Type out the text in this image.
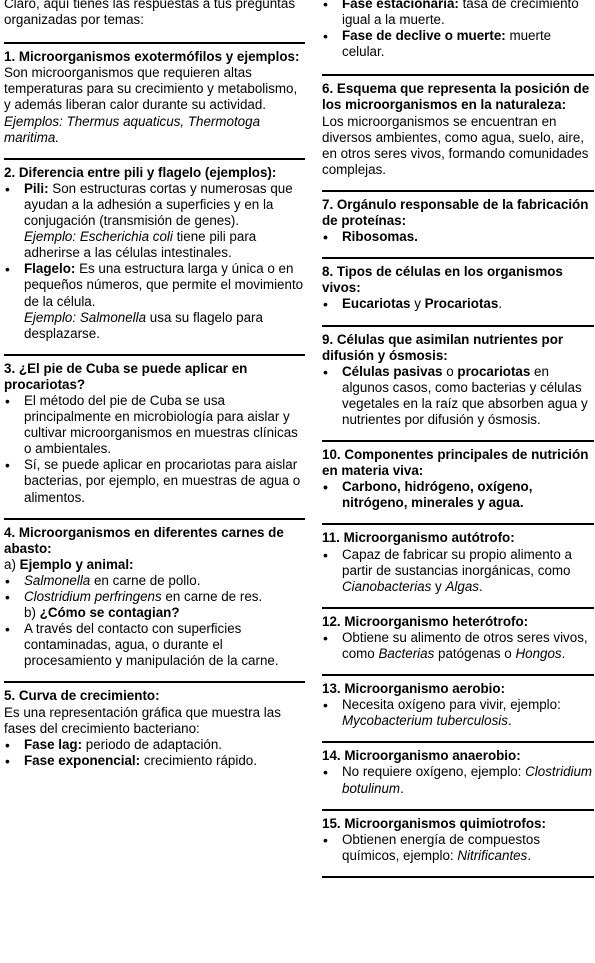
Claro, aquí tienes las respuestas a tus preguntas organizadas por temas:

1. Microorganismos exotermófilos y ejemplos:

Son microorganismos que requieren altas temperaturas para su crecimiento y metabolismo, y además liberan calor durante su actividad.

Ejemplos: Thermus aquaticus, Thermotoga maritima.

2. Diferencia entre pili y flagelo (ejemplos):
• Pili: Son estructuras cortas y numerosas que ayudan a la adhesión a superficies y en la conjugación (transmisión de genes).
Ejemplo: Escherichia coli tiene pili para adherirse a las células intestinales.
• Flagelo: Es una estructura larga y única o en pequeños números, que permite el movimiento de la célula.
Ejemplo: Salmonella usa su flagelo para desplazarse.
3. ¿El pie de Cuba se puede aplicar en procariotas?
• El método del pie de Cuba se usa principalmente en microbiología para aislar y cultivar microorganismos en muestras clínicas o ambientales.
• Sí, se puede aplicar en procariotas para aislar bacterias, por ejemplo, en muestras de agua o alimentos.
4. Microorganismos en diferentes carnes de abasto:

a) Ejemplo y animal:

• Salmonella en carne de pollo.
• Clostridium perfringens en carne de res.
b) ¿Cómo se contagian?
• A través del contacto con superficies contaminadas, agua, o durante el procesamiento y manipulación de la carne.
5. Curva de crecimiento:

Es una representación gráfica que muestra las fases del crecimiento bacteriano:

• Fase lag: periodo de adaptación.
• Fase exponencial: crecimiento rápido.
• Fase estacionaria: tasa de crecimiento igual a la muerte.
• Fase de declive o muerte: muerte celular.
6. Esquema que representa la posición de los microorganismos en la naturaleza:

Los microorganismos se encuentran en diversos ambientes, como agua, suelo, aire, en otros seres vivos, formando comunidades complejas.

7. Orgánulo responsable de la fabricación de proteínas:
• Ribosomas.
8. Tipos de células en los organismos vivos:
• Eucariotas y Procariotas.
9. Células que asimilan nutrientes por difusión y ósmosis:
• Células pasivas o procariotas en algunos casos, como bacterias y células vegetales en la raíz que absorben agua y nutrientes por difusión y ósmosis.
10. Componentes principales de nutrición en materia viva:
• Carbono, hidrógeno, oxígeno, nitrógeno, minerales y agua.
11. Microorganismo autótrofo:
• Capaz de fabricar su propio alimento a partir de sustancias inorgánicas, como Cianobacterias y Algas.
12. Microorganismo heterótrofo:
• Obtiene su alimento de otros seres vivos, como Bacterias patógenas o Hongos.
13. Microorganismo aerobio:
• Necesita oxígeno para vivir, ejemplo: Mycobacterium tuberculosis.
14. Microorganismo anaerobio:
• No requiere oxígeno, ejemplo: Clostridium botulinum.
15. Microorganismos quimiotrofos:
• Obtienen energía de compuestos químicos, ejemplo: Nitrificantes.
